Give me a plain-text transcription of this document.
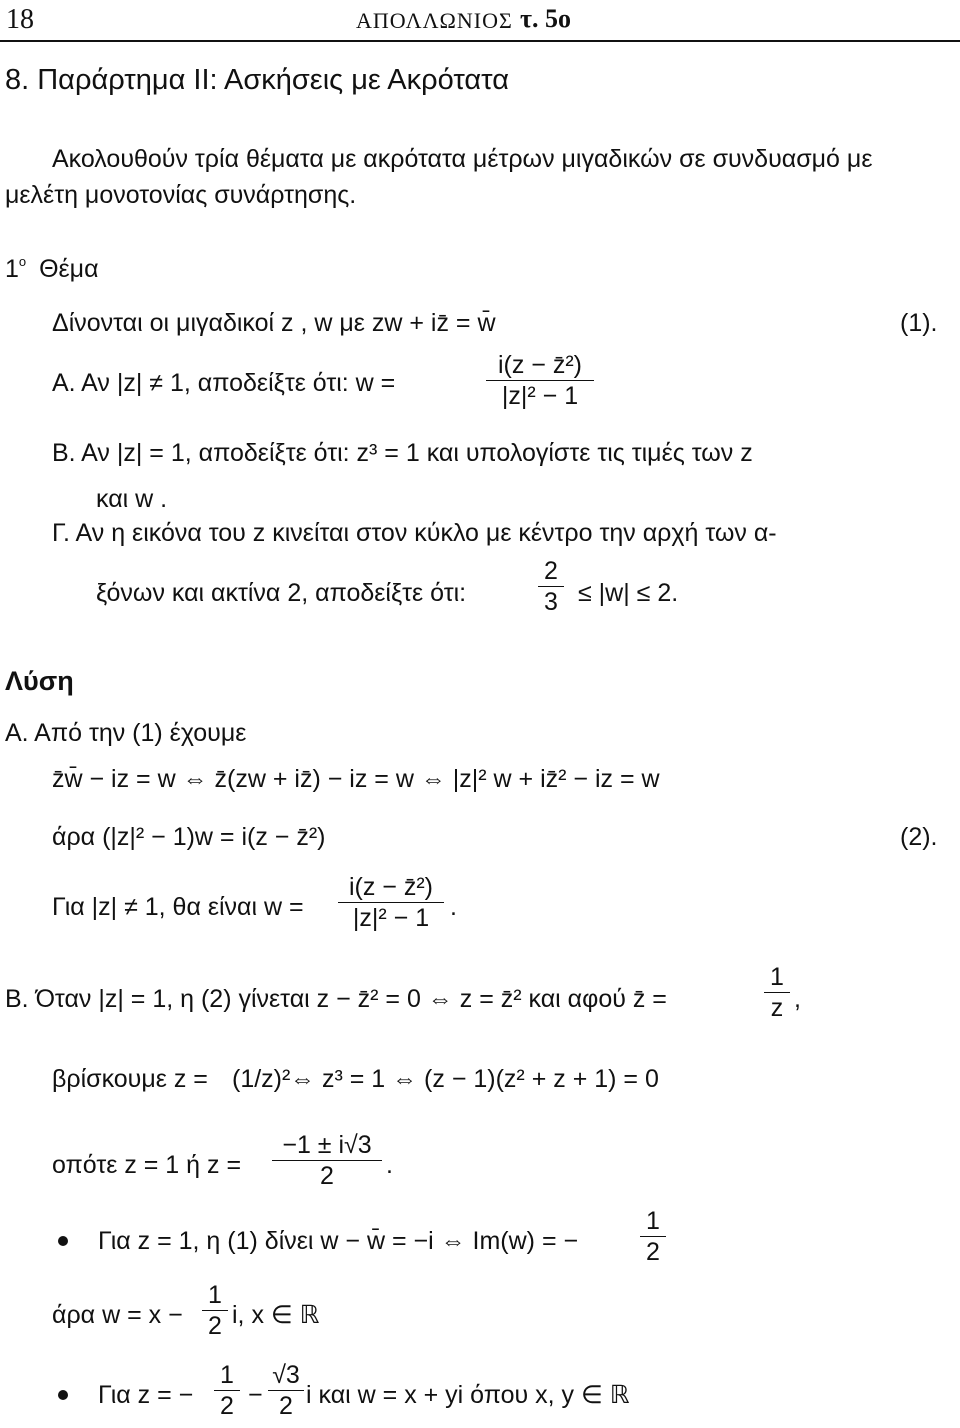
18	ΑΠΟΛΛΩΝΙΟΣ τ. 5ο
8. Παράρτημα ΙΙ: Ασκήσεις με Ακρότατα
Ακολουθούν τρία θέματα με ακρότατα μέτρων μιγαδικών σε συνδυασμό με
μελέτη μονοτονίας συνάρτησης.
$1^o$ Θέμα
Δίνονται οι μιγαδικοί z , w με zw + iz̄ = w̄	(1).
Α. Αν |z| ≠ 1, αποδείξτε ότι: w =
i(z − z̄²)
|z|² − 1
Β. Αν |z| = 1, αποδείξτε ότι: z³ = 1 και υπολογίστε τις τιμές των z
και w .
Γ. Αν η εικόνα του z κινείται στον κύκλο με κέντρο την αρχή των α-
ξόνων και ακτίνα 2, αποδείξτε ότι:
2
3 ≤ |w| ≤ 2.
Λύση
Α. Από την (1) έχουμε
z̄w̄ − iz = w ⇔ z̄(zw + iz̄) − iz = w ⇔ |z|² w + iz̄² − iz = w
άρα (|z|² − 1)w = i(z − z̄²)	(2).
Για |z| ≠ 1, θα είναι w =
i(z − z̄²)
|z|² − 1 .
Β. Όταν |z| = 1, η (2) γίνεται z − z̄² = 0 ⇔ z = z̄² και αφού z̄ =
1
z ,
βρίσκουμε z = (1/z)² ⇔ z³ = 1 ⇔ (z − 1)(z² + z + 1) = 0
οπότε z = 1 ή z =
−1 ± i√3
2	.
Για z = 1, η (1) δίνει w − w̄ = −i ⇔ Im(w) = −
1
2
άρα w = x −
1
2 i, x ∈ ℝ
Για z = −
1
2 −
√3
2 i και w = x + yi όπου x, y ∈ ℝ
